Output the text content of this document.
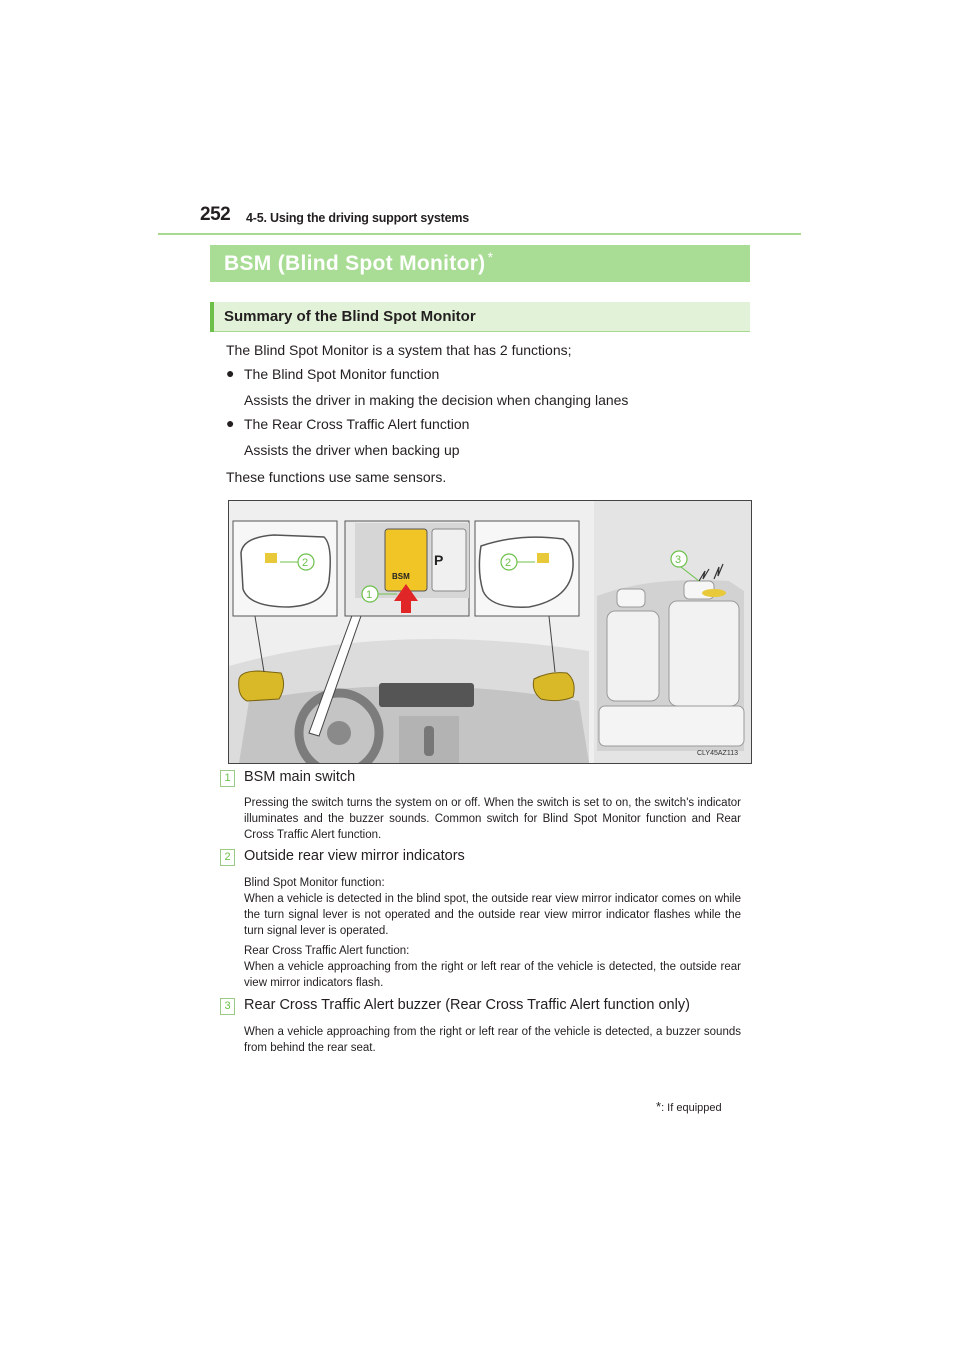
252 4-5. Using the driving support systems
BSM (Blind Spot Monitor) *
Summary of the Blind Spot Monitor
The Blind Spot Monitor is a system that has 2 functions;
● The Blind Spot Monitor function
Assists the driver in making the decision when changing lanes
● The Rear Cross Traffic Alert function
Assists the driver when backing up
These functions use same sensors.
P
BSM
2
1
2	3
CLY45AZ113
1 BSM main switch

Pressing the switch turns the system on or off. When the switch is set to on, the switch's indicator illuminates and the buzzer sounds. Common switch for Blind Spot Monitor function and Rear Cross Traffic Alert function.

2 Outside rear view mirror indicators

Blind Spot Monitor function:

When a vehicle is detected in the blind spot, the outside rear view mirror indicator comes on while the turn signal lever is not operated and the outside rear view mirror indicator flashes while the turn signal lever is operated.

Rear Cross Traffic Alert function:

When a vehicle approaching from the right or left rear of the vehicle is detected, the outside rear view mirror indicators flash.

3 Rear Cross Traffic Alert buzzer (Rear Cross Traffic Alert function only)

When a vehicle approaching from the right or left rear of the vehicle is detected, a buzzer sounds from behind the rear seat.

*: If equipped
